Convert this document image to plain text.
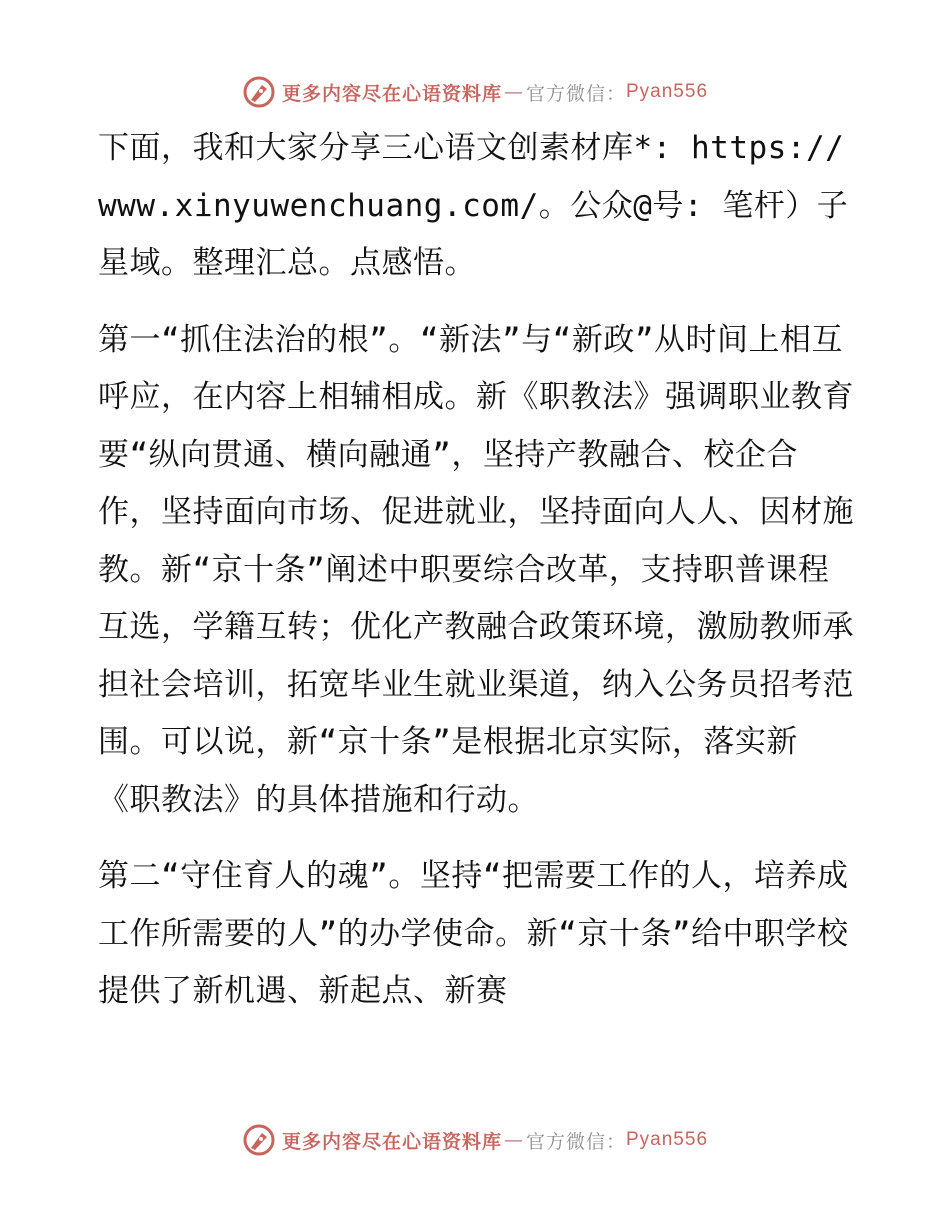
更多内容尽在心语资料库 — 官方微信： Pyan556

下面，我和大家分享三心语文创素材库*: https://www.xinyuwenchuang.com/。公众@号: 笔杆）子星域。整理汇总。点感悟。

第一“抓住法治的根”。“新法”与“新政”从时间上相互呼应，在内容上相辅相成。新《职教法》强调职业教育要“纵向贯通、横向融通”，坚持产教融合、校企合作，坚持面向市场、促进就业，坚持面向人人、因材施教。新“京十条”阐述中职要综合改革，支持职普课程互选，学籍互转；优化产教融合政策环境，激励教师承担社会培训，拓宽毕业生就业渠道，纳入公务员招考范围。可以说，新“京十条”是根据北京实际，落实新《职教法》的具体措施和行动。

第二“守住育人的魂”。坚持“把需要工作的人，培养成工作所需要的人”的办学使命。新“京十条”给中职学校提供了新机遇、新起点、新赛

更多内容尽在心语资料库 — 官方微信： Pyan556
